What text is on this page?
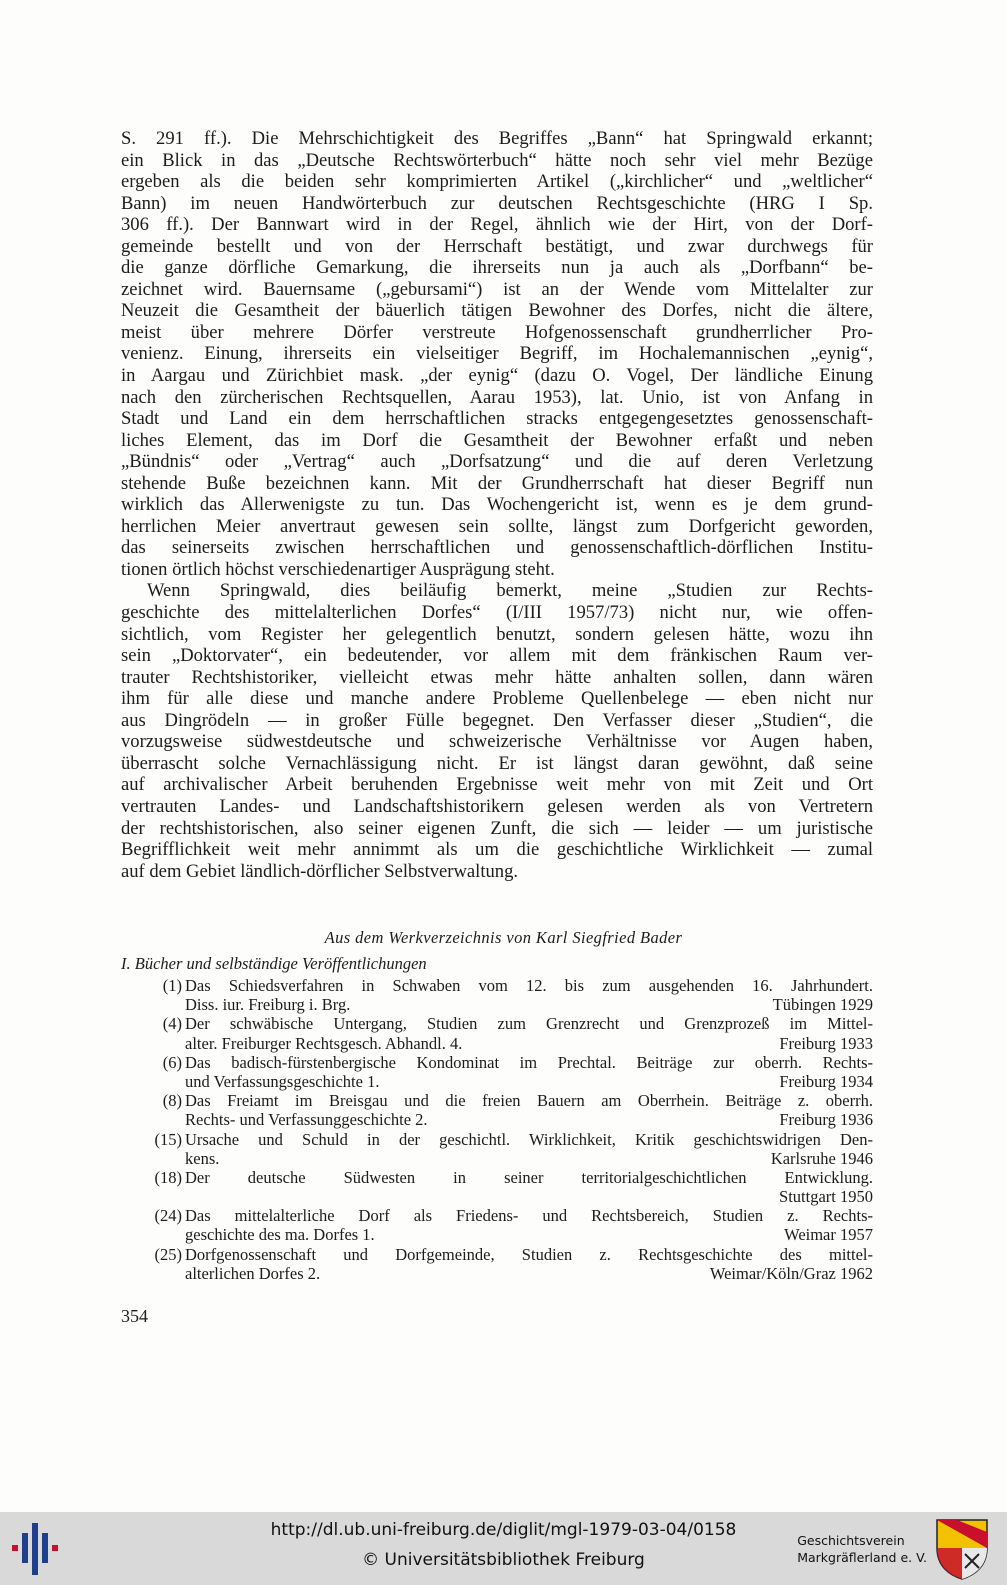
S. 291 ff.). Die Mehrschichtigkeit des Begriffes „Bann“ hat Springwald erkannt;
ein Blick in das „Deutsche Rechtswörterbuch“ hätte noch sehr viel mehr Bezüge
ergeben als die beiden sehr komprimierten Artikel („kirchlicher“ und „weltlicher“
Bann) im neuen Handwörterbuch zur deutschen Rechtsgeschichte (HRG I Sp.
306 ff.). Der Bannwart wird in der Regel, ähnlich wie der Hirt, von der Dorf-
gemeinde bestellt und von der Herrschaft bestätigt, und zwar durchwegs für
die ganze dörfliche Gemarkung, die ihrerseits nun ja auch als „Dorfbann“ be-
zeichnet wird. Bauernsame („gebursami“) ist an der Wende vom Mittelalter zur
Neuzeit die Gesamtheit der bäuerlich tätigen Bewohner des Dorfes, nicht die ältere,
meist über mehrere Dörfer verstreute Hofgenossenschaft grundherrlicher Pro-
venienz. Einung, ihrerseits ein vielseitiger Begriff, im Hochalemannischen „eynig“,
in Aargau und Zürichbiet mask. „der eynig“ (dazu O. Vogel, Der ländliche Einung
nach den zürcherischen Rechtsquellen, Aarau 1953), lat. Unio, ist von Anfang in
Stadt und Land ein dem herrschaftlichen stracks entgegengesetztes genossenschaft-
liches Element, das im Dorf die Gesamtheit der Bewohner erfaßt und neben
„Bündnis“ oder „Vertrag“ auch „Dorfsatzung“ und die auf deren Verletzung
stehende Buße bezeichnen kann. Mit der Grundherrschaft hat dieser Begriff nun
wirklich das Allerwenigste zu tun. Das Wochengericht ist, wenn es je dem grund-
herrlichen Meier anvertraut gewesen sein sollte, längst zum Dorfgericht geworden,
das seinerseits zwischen herrschaftlichen und genossenschaftlich-dörflichen Institu-
tionen örtlich höchst verschiedenartiger Ausprägung steht.
Wenn Springwald, dies beiläufig bemerkt, meine „Studien zur Rechts-
geschichte des mittelalterlichen Dorfes“ (I/III 1957/73) nicht nur, wie offen-
sichtlich, vom Register her gelegentlich benutzt, sondern gelesen hätte, wozu ihn
sein „Doktorvater“, ein bedeutender, vor allem mit dem fränkischen Raum ver-
trauter Rechtshistoriker, vielleicht etwas mehr hätte anhalten sollen, dann wären
ihm für alle diese und manche andere Probleme Quellenbelege — eben nicht nur
aus Dingrödeln — in großer Fülle begegnet. Den Verfasser dieser „Studien“, die
vorzugsweise südwestdeutsche und schweizerische Verhältnisse vor Augen haben,
überrascht solche Vernachlässigung nicht. Er ist längst daran gewöhnt, daß seine
auf archivalischer Arbeit beruhenden Ergebnisse weit mehr von mit Zeit und Ort
vertrauten Landes- und Landschaftshistorikern gelesen werden als von Vertretern
der rechtshistorischen, also seiner eigenen Zunft, die sich — leider — um juristische
Begrifflichkeit weit mehr annimmt als um die geschichtliche Wirklichkeit — zumal
auf dem Gebiet ländlich-dörflicher Selbstverwaltung.
Aus dem Werkverzeichnis von Karl Siegfried Bader
I. Bücher und selbständige Veröffentlichungen
(1) Das Schiedsverfahren in Schwaben vom 12. bis zum ausgehenden 16. Jahrhundert.
Diss. iur. Freiburg i. Brg.	Tübingen 1929
(4) Der schwäbische Untergang, Studien zum Grenzrecht und Grenzprozeß im Mittel-
alter. Freiburger Rechtsgesch. Abhandl. 4.	Freiburg 1933
(6) Das badisch-fürstenbergische Kondominat im Prechtal. Beiträge zur oberrh. Rechts-
und Verfassungsgeschichte 1.	Freiburg 1934
(8) Das Freiamt im Breisgau und die freien Bauern am Oberrhein. Beiträge z. oberrh.
Rechts- und Verfassunggeschichte 2.	Freiburg 1936
(15) Ursache und Schuld in der geschichtl. Wirklichkeit, Kritik geschichtswidrigen Den-
kens.	Karlsruhe 1946
(18) Der deutsche Südwesten in seiner territorialgeschichtlichen Entwicklung.
Stuttgart 1950
(24) Das mittelalterliche Dorf als Friedens- und Rechtsbereich, Studien z. Rechts-
geschichte des ma. Dorfes 1.	Weimar 1957
(25) Dorfgenossenschaft und Dorfgemeinde, Studien z. Rechtsgeschichte des mittel-
alterlichen Dorfes 2.	Weimar/Köln/Graz 1962
354
http://dl.ub.uni-freiburg.de/diglit/mgl-1979-03-04/0158
© Universitätsbibliothek Freiburg
Geschichtsverein
Markgräflerland e. V.
